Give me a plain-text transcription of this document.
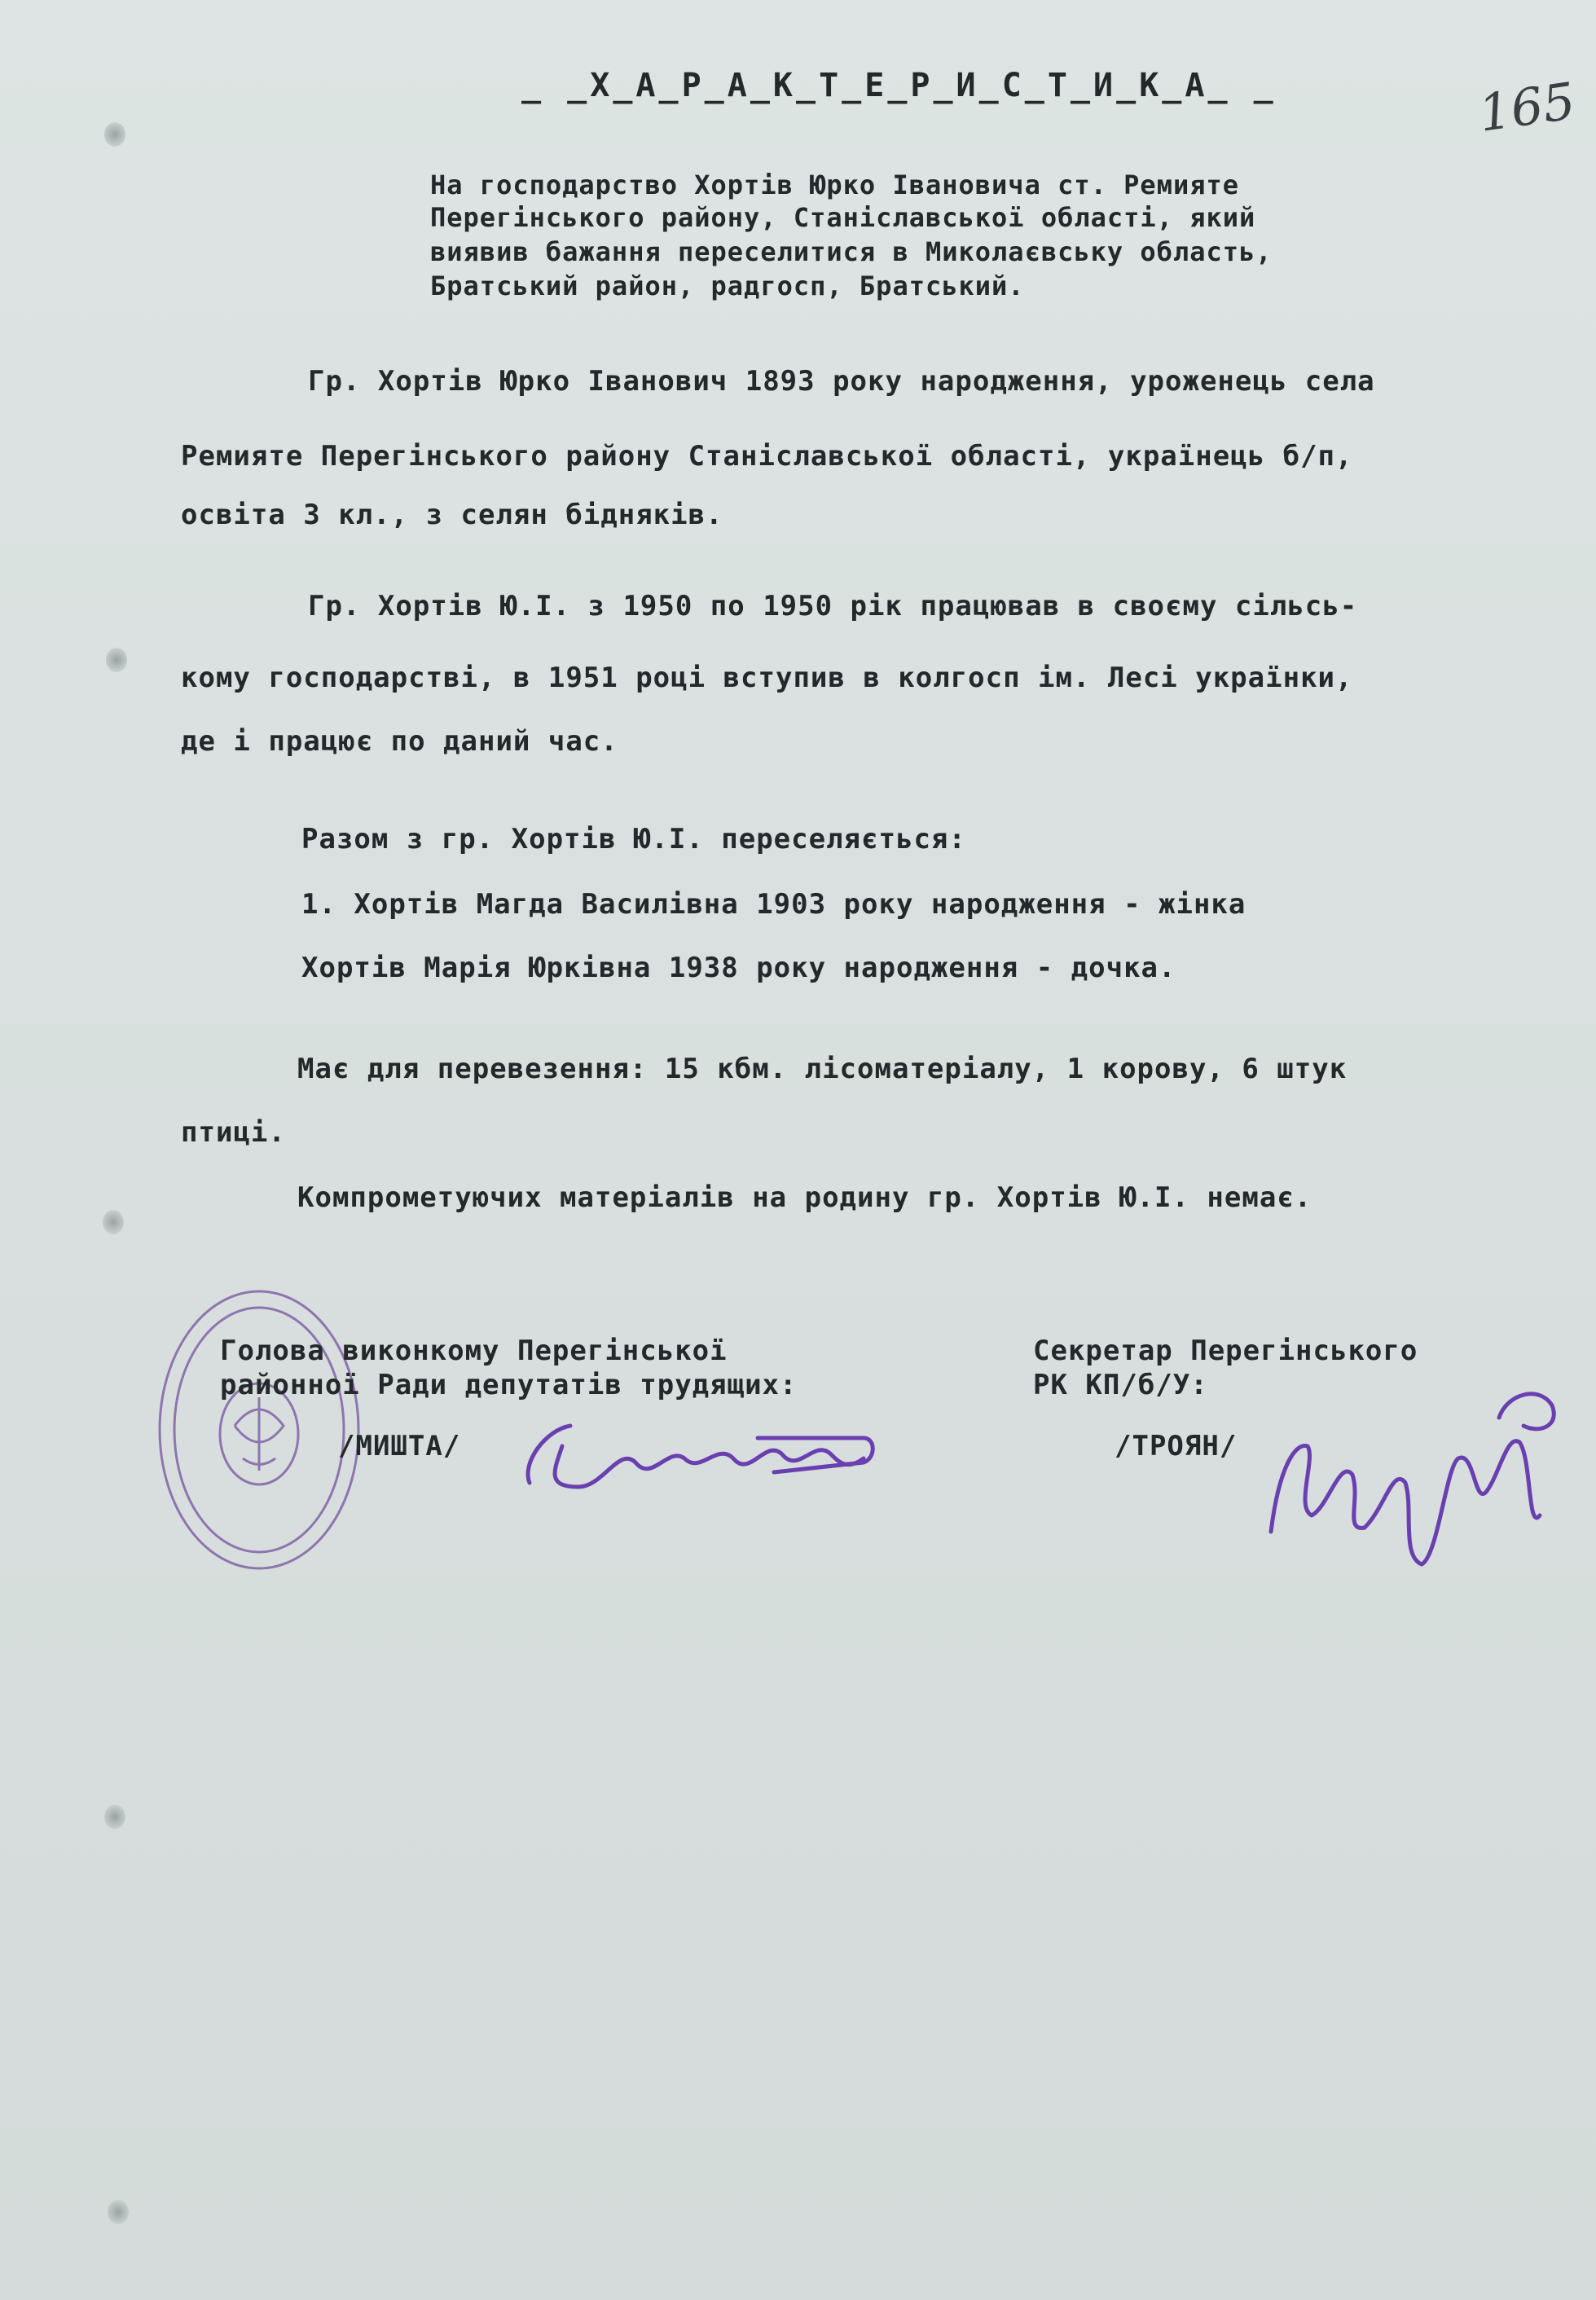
165
_ _Х_А_Р_А_К_Т_Е_Р_И_С_Т_И_К_А_ _
На господарство Хортів Юрко Івановича ст. Ремияте
Перегінського району, Станіславської області, який
виявив бажання переселитися в Миколаєвську область,
Братський район, радгосп, Братський.
Гр. Хортів Юрко Іванович 1893 року народження, уроженець села
Ремияте Перегінського району Станіславської області, українець б/п,
освіта 3 кл., з селян бідняків.
Гр. Хортів Ю.І. з 1950 по 1950 рік працював в своєму сільсь-
кому господарстві, в 1951 році вступив в колгосп ім. Лесі українки,
де і працює по даний час.
Разом з гр. Хортів Ю.І. переселяється:
1. Хортів Магда Василівна 1903 року народження - жінка
Хортів Марія Юрківна 1938 року народження - дочка.
Має для перевезення: 15 кбм. лісоматеріалу, 1 корову, 6 штук
птиці.
Компрометуючих матеріалів на родину гр. Хортів Ю.І. немає.
Голова виконкому Перегінської
районної Ради депутатів трудящих:
/МИШТА/
Секретар Перегінського
РК КП/б/У:
/ТРОЯН/
